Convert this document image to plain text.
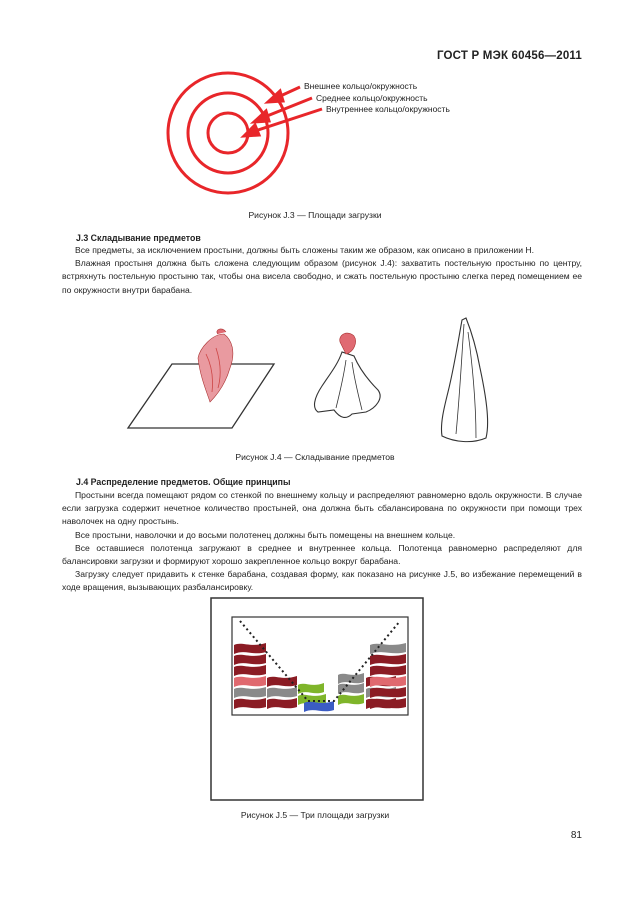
ГОСТ Р МЭК 60456—2011
Внешнее кольцо/окружность
Среднее кольцо/окружность
Внутреннее кольцо/окружность
Рисунок J.3 — Площади загрузки
J.3 Складывание предметов

Все предметы, за исключением простыни, должны быть сложены таким же образом, как описано в приложении H.

Влажная простыня должна быть сложена следующим образом (рисунок J.4): захватить постельную простыню по центру, встряхнуть постельную простыню так, чтобы она висела свободно, и сжать постельную простыню слегка перед помещением ее по окружности внутри барабана.

Рисунок J.4 — Складывание предметов
J.4 Распределение предметов. Общие принципы

Простыни всегда помещают рядом со стенкой по внешнему кольцу и распределяют равномерно вдоль окружности. В случае если загрузка содержит нечетное количество простыней, она должна быть сбалансирована по окружности при помощи трех наволочек на одну простынь.

Все простыни, наволочки и до восьми полотенец должны быть помещены на внешнем кольце.

Все оставшиеся полотенца загружают в среднее и внутреннее кольца. Полотенца равномерно распределяют для балансировки загрузки и формируют хорошо закрепленное кольцо вокруг барабана.

Загрузку следует придавить к стенке барабана, создавая форму, как показано на рисунке J.5, во избежание перемещений в ходе вращения, вызывающих разбалансировку.

Рисунок J.5 — Три площади загрузки
81
